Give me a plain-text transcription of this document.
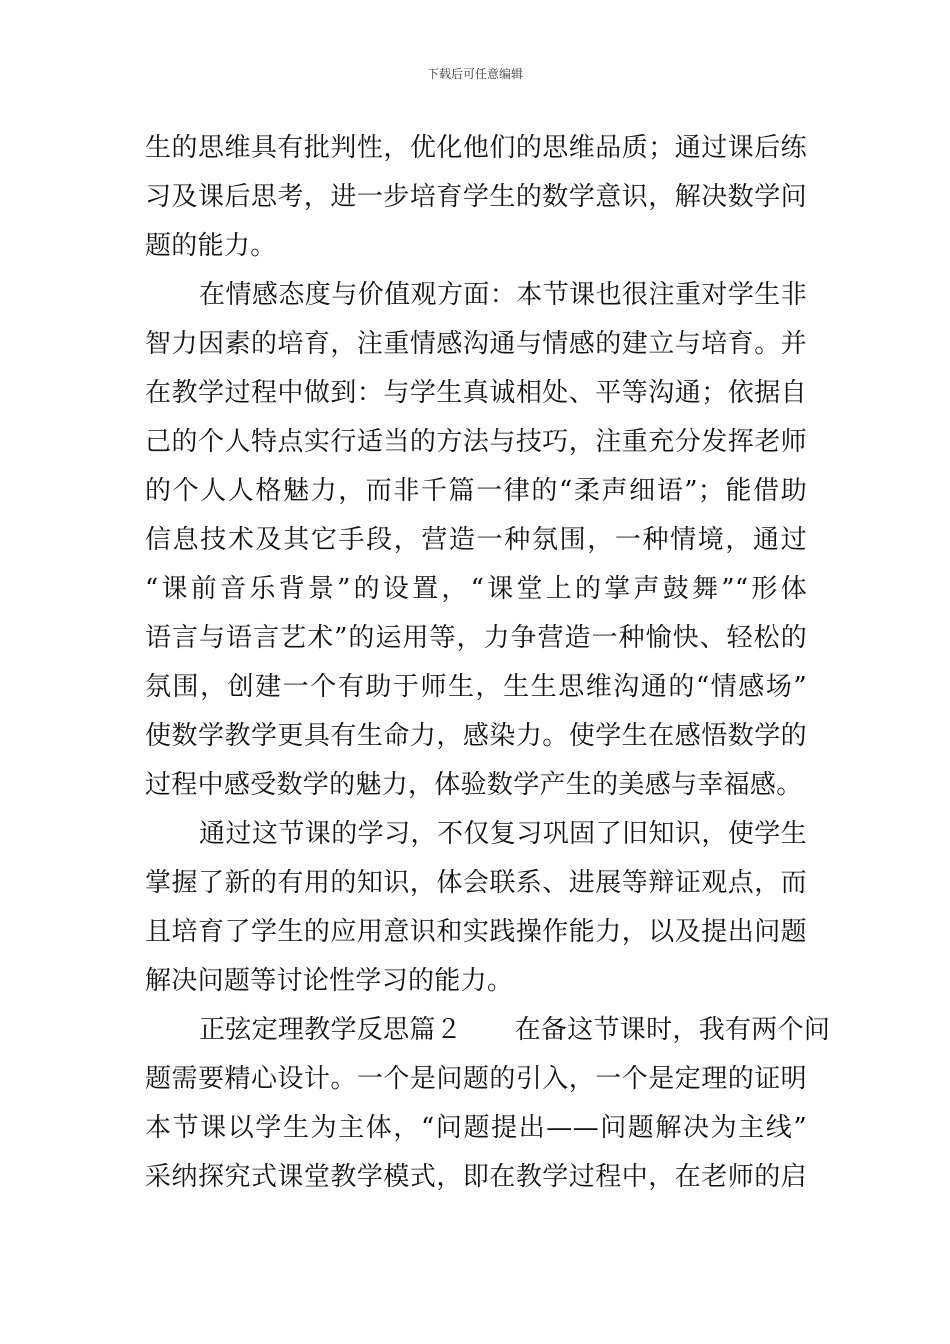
下载后可任意编辑
生的思维具有批判性，优化他们的思维品质；通过课后练
习及课后思考，进一步培育学生的数学意识，解决数学问
题的能力。
在情感态度与价值观方面：本节课也很注重对学生非
智力因素的培育，注重情感沟通与情感的建立与培育。并
在教学过程中做到：与学生真诚相处、平等沟通；依据自
己的个人特点实行适当的方法与技巧，注重充分发挥老师
的个人人格魅力，而非千篇一律的“柔声细语”；能借助
信息技术及其它手段，营造一种氛围，一种情境，通过
“课前音乐背景”的设置，“课堂上的掌声鼓舞”“形体
语言与语言艺术”的运用等，力争营造一种愉快、轻松的
氛围，创建一个有助于师生，生生思维沟通的“情感场”
使数学教学更具有生命力，感染力。使学生在感悟数学的
过程中感受数学的魅力，体验数学产生的美感与幸福感。
通过这节课的学习，不仅复习巩固了旧知识，使学生
掌握了新的有用的知识，体会联系、进展等辩证观点，而
且培育了学生的应用意识和实践操作能力，以及提出问题
解决问题等讨论性学习的能力。
正弦定理教学反思篇２　　在备这节课时，我有两个问
题需要精心设计。一个是问题的引入，一个是定理的证明
本节课以学生为主体，“问题提出——问题解决为主线”
采纳探究式课堂教学模式，即在教学过程中，在老师的启
